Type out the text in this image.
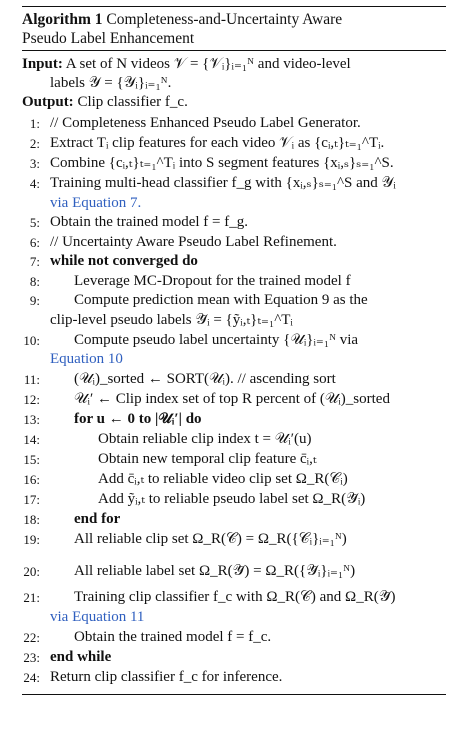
Algorithm 1 Completeness-and-Uncertainty Aware
Pseudo Label Enhancement
Input: A set of N videos 𝒱 = {𝒱ᵢ}ᵢ₌₁ᴺ and video-level
labels 𝒴 = {𝒴ᵢ}ᵢ₌₁ᴺ.
Output: Clip classifier f_c.
1: // Completeness Enhanced Pseudo Label Generator.
2: Extract Tᵢ clip features for each video 𝒱ᵢ as {cᵢ,ₜ}ₜ₌₁^Tᵢ.
3: Combine {cᵢ,ₜ}ₜ₌₁^Tᵢ into S segment features {xᵢ,ₛ}ₛ₌₁^S.
4: Training multi-head classifier f_g with {xᵢ,ₛ}ₛ₌₁^S and 𝒴ᵢ
via Equation 7.
5: Obtain the trained model f = f_g.
6: // Uncertainty Aware Pseudo Label Refinement.
7: while not converged do
8: Leverage MC-Dropout for the trained model f
9: Compute prediction mean with Equation 9 as the
clip-level pseudo labels 𝒴̃ᵢ = {ỹᵢ,ₜ}ₜ₌₁^Tᵢ
10: Compute pseudo label uncertainty {𝒰ᵢ}ᵢ₌₁ᴺ via
Equation 10
11: (𝒰ᵢ)_sorted ← SORT(𝒰ᵢ). // ascending sort
12: 𝒰ᵢ′ ← Clip index set of top R percent of (𝒰ᵢ)_sorted
13: for u ← 0 to |𝒰ᵢ′| do
14:	Obtain reliable clip index t = 𝒰ᵢ′(u)
15:	Obtain new temporal clip feature c̄ᵢ,ₜ
16:	Add c̄ᵢ,ₜ to reliable video clip set Ω_R(𝒞ᵢ)
17:	Add ỹᵢ,ₜ to reliable pseudo label set Ω_R(𝒴̃ᵢ)
18: end for
19: All reliable clip set Ω_R(𝒞) = Ω_R({𝒞ᵢ}ᵢ₌₁ᴺ)
20: All reliable label set Ω_R(𝒴̃) = Ω_R({𝒴̃ᵢ}ᵢ₌₁ᴺ)
21: Training clip classifier f_c with Ω_R(𝒞) and Ω_R(𝒴̃)
via Equation 11
22: Obtain the trained model f = f_c.
23: end while
24: Return clip classifier f_c for inference.
